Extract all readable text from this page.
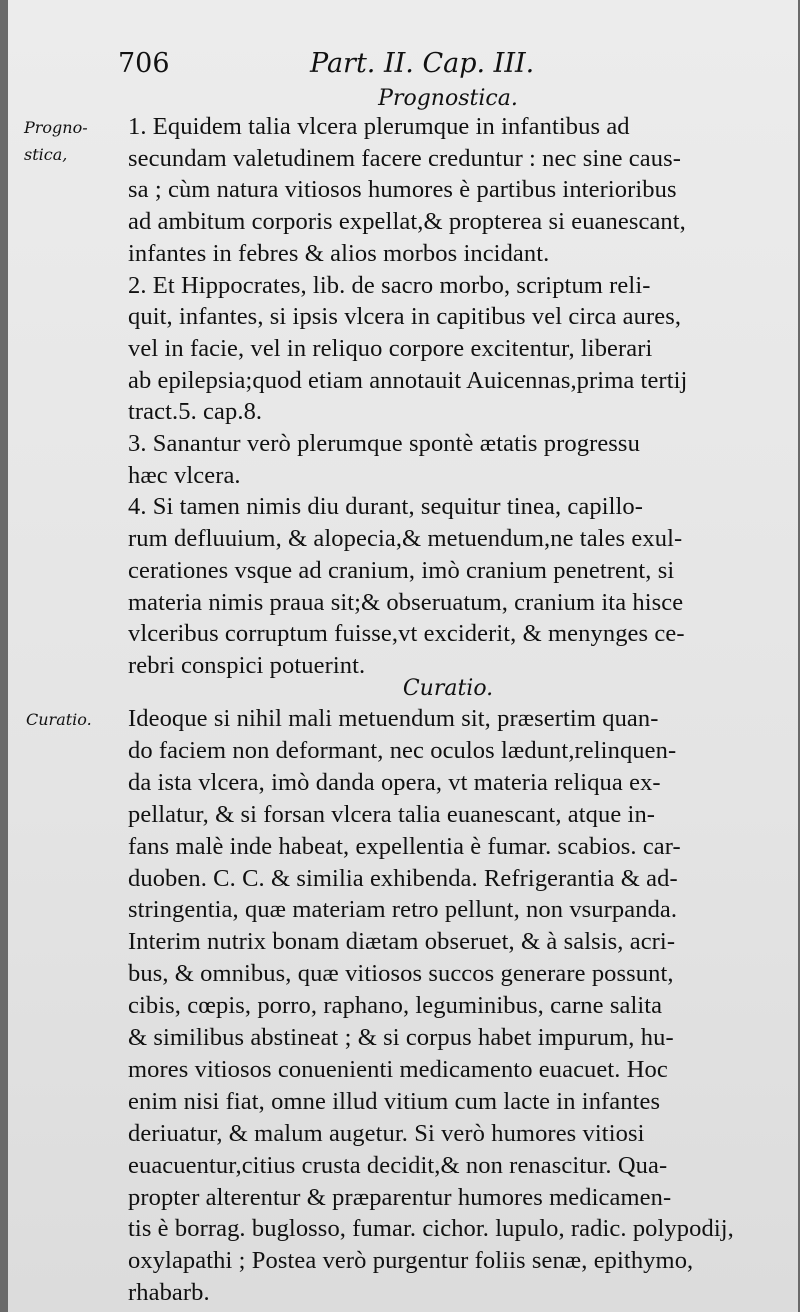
706	Part. II. Cap. III.
Prognostica.
Progno-
stica,
1. Equidem talia vlcera plerumque in infantibus ad
secundam valetudinem facere creduntur : nec sine caus-
sa ; cùm natura vitiosos humores è partibus interioribus
ad ambitum corporis expellat,& propterea si euanescant,
infantes in febres & alios morbos incidant.
2. Et Hippocrates, lib. de sacro morbo, scriptum reli-
quit, infantes, si ipsis vlcera in capitibus vel circa aures,
vel in facie, vel in reliquo corpore excitentur, liberari
ab epilepsia;quod etiam annotauit Auicennas,prima tertij
tract.5. cap.8.
3. Sanantur verò plerumque spontè ætatis progressu
hæc vlcera.
4. Si tamen nimis diu durant, sequitur tinea, capillo-
rum defluuium, & alopecia,& metuendum,ne tales exul-
cerationes vsque ad cranium, imò cranium penetrent, si
materia nimis praua sit;& obseruatum, cranium ita hisce
vlceribus corruptum fuisse,vt exciderit, & menynges ce-
rebri conspici potuerint.
Curatio.
Curatio. Ideoque si nihil mali metuendum sit, præsertim quan-
do faciem non deformant, nec oculos lædunt,relinquen-
da ista vlcera, imò danda opera, vt materia reliqua ex-
pellatur, & si forsan vlcera talia euanescant, atque in-
fans malè inde habeat, expellentia è fumar. scabios. car-
duoben. C. C. & similia exhibenda. Refrigerantia & ad-
stringentia, quæ materiam retro pellunt, non vsurpanda.
Interim nutrix bonam diætam obseruet, & à salsis, acri-
bus, & omnibus, quæ vitiosos succos generare possunt,
cibis, cœpis, porro, raphano, leguminibus, carne salita
& similibus abstineat ; & si corpus habet impurum, hu-
mores vitiosos conuenienti medicamento euacuet. Hoc
enim nisi fiat, omne illud vitium cum lacte in infantes
deriuatur, & malum augetur. Si verò humores vitiosi
euacuentur,citius crusta decidit,& non renascitur. Qua-
propter alterentur & præparentur humores medicamen-
tis è borrag. buglosso, fumar. cichor. lupulo, radic. polypodij,
oxylapathi ; Postea verò purgentur foliis senæ, epithymo,
rhabarb.
